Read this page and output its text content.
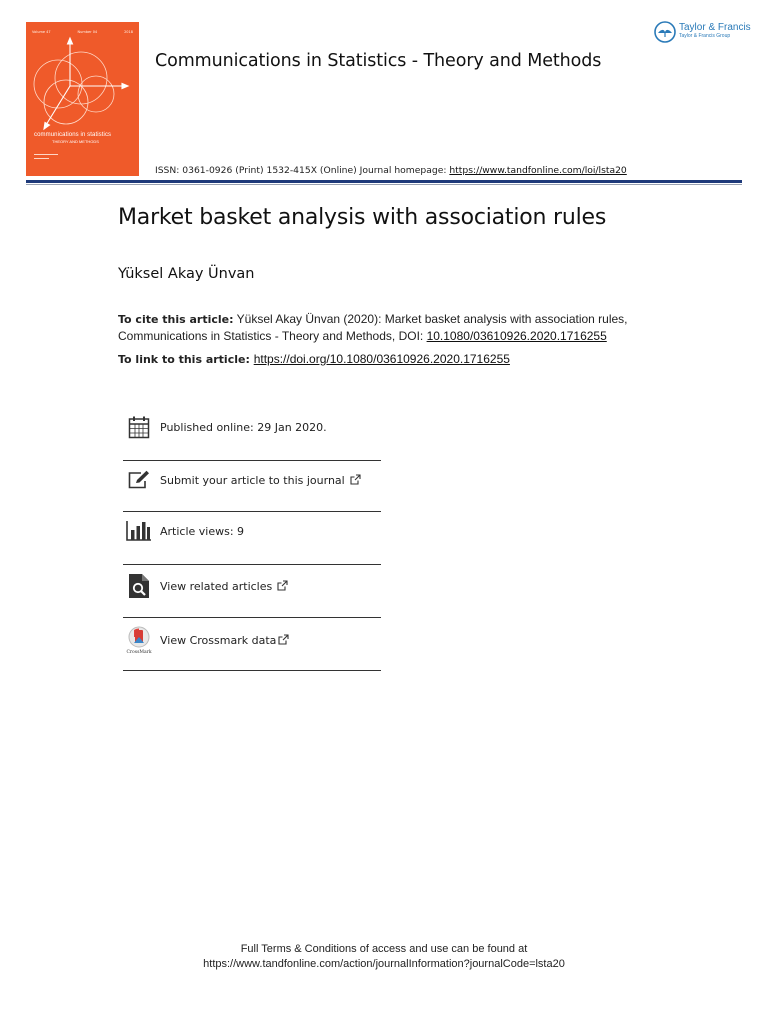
Volume 47	Number 04	2018
communications in statistics
THEORY AND METHODS
▬▬▬▬▬▬▬▬
▬▬▬▬▬
Communications in Statistics - Theory and Methods
ISSN: 0361-0926 (Print) 1532-415X (Online) Journal homepage: https://www.tandfonline.com/loi/lsta20
Taylor & Francis
Taylor & Francis Group
Market basket analysis with association rules
Yüksel Akay Ünvan
To cite this article: Yüksel Akay Ünvan (2020): Market basket analysis with association rules, Communications in Statistics - Theory and Methods, DOI: 10.1080/03610926.2020.1716255
To link to this article: https://doi.org/10.1080/03610926.2020.1716255
Published online: 29 Jan 2020.
Submit your article to this journal
Article views: 9
View related articles
CrossMark
View Crossmark data
Full Terms & Conditions of access and use can be found at
https://www.tandfonline.com/action/journalInformation?journalCode=lsta20
